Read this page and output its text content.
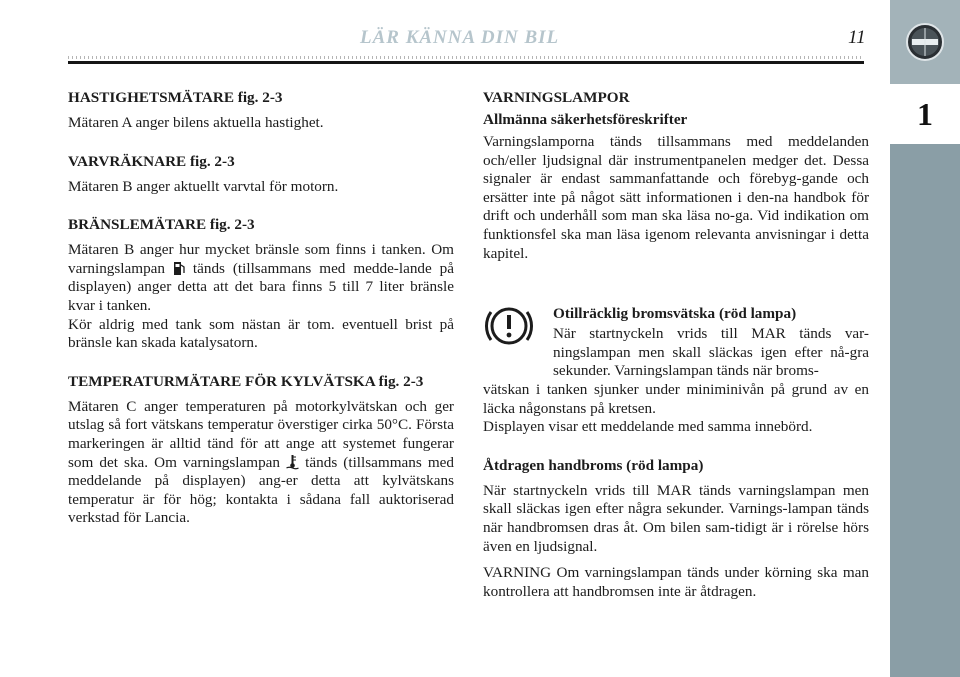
LÄR KÄNNA DIN BIL	11
1
HASTIGHETSMÄTARE fig. 2-3

Mätaren A anger bilens aktuella hastighet.

VARVRÄKNARE fig. 2-3

Mätaren B anger aktuellt varvtal för motorn.

BRÄNSLEMÄTARE fig. 2-3

Mätaren B anger hur mycket bränsle som finns i tanken. Om varningslampan tänds (tillsammans med medde-lande på displayen) anger detta att det bara finns 5 till 7 liter bränsle kvar i tanken.
Kör aldrig med tank som nästan är tom. eventuell brist på bränsle kan skada katalysatorn.

TEMPERATURMÄTARE FÖR KYLVÄTSKA fig. 2-3

Mätaren C anger temperaturen på motorkylvätskan och ger utslag så fort vätskans temperatur överstiger cirka 50°C. Första markeringen är alltid tänd för att ange att systemet fungerar som det ska. Om varningslampan tänds (tillsammans med meddelande på displayen) ang-er detta att kylvätskans temperatur är för hög; kontakta i sådana fall auktoriserad verkstad för Lancia.

VARNINGSLAMPOR
Allmänna säkerhetsföreskrifter

Varningslamporna tänds tillsammans med meddelanden och/eller ljudsignal där instrumentpanelen medger det. Dessa signaler är endast sammanfattande och förebyg-gande och ersätter inte på något sätt informationen i den-na handbok för drift och underhåll som man ska läsa no-ga. Vid indikation om funktionsfel ska man läsa igenom relevanta anvisningar i detta kapitel.

Otillräcklig bromsvätska (röd lampa)

När startnyckeln vrids till MAR tänds var-ningslampan men skall släckas igen efter nå-gra sekunder. Varningslampan tänds när broms-

vätskan i tanken sjunker under miniminivån på grund av en läcka någonstans på kretsen.

Displayen visar ett meddelande med samma innebörd.

Åtdragen handbroms (röd lampa)

När startnyckeln vrids till MAR tänds varningslampan men skall släckas igen efter några sekunder. Varnings-lampan tänds när handbromsen dras åt. Om bilen sam-tidigt är i rörelse hörs även en ljudsignal.

VARNING Om varningslampan tänds under körning ska man kontrollera att handbromsen inte är åtdragen.
